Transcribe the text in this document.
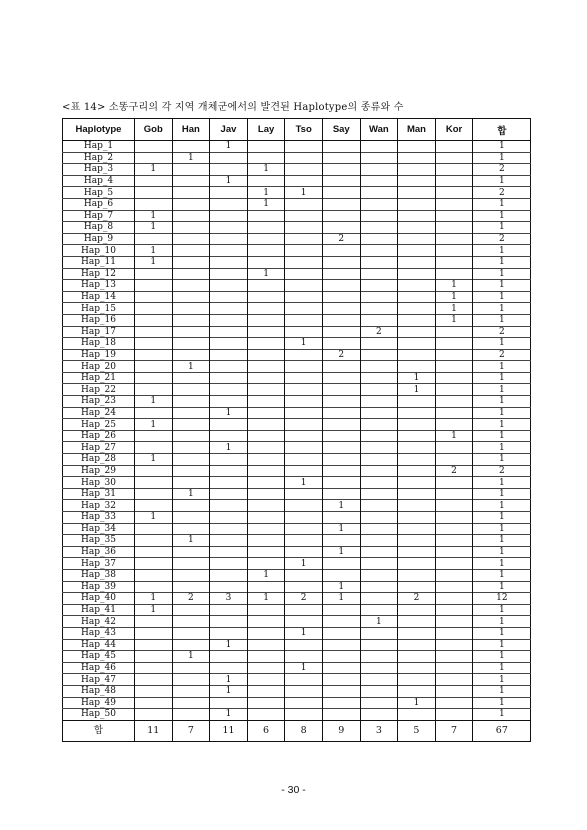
<표 14> 소똥구리의 각 지역 개체군에서의 발견된 Haplotype의 종류와 수
Haplotype	Gob	Han	Jav	Lay	Tso	Say	Wan	Man	Kor	합
Hap_1			1							1
Hap_2		1								1
Hap_3	1			1						2
Hap_4			1							1
Hap_5				1	1					2
Hap_6				1						1
Hap_7	1									1
Hap_8	1									1
Hap_9						2				2
Hap_10	1									1
Hap_11	1									1
Hap_12				1						1
Hap_13									1	1
Hap_14									1	1
Hap_15									1	1
Hap_16									1	1
Hap_17							2			2
Hap_18					1					1
Hap_19						2				2
Hap_20		1								1
Hap_21								1		1
Hap_22								1		1
Hap_23	1									1
Hap_24			1							1
Hap_25	1									1
Hap_26									1	1
Hap_27			1							1
Hap_28	1									1
Hap_29									2	2
Hap_30					1					1
Hap_31		1								1
Hap_32						1				1
Hap_33	1									1
Hap_34						1				1
Hap_35		1								1
Hap_36						1				1
Hap_37					1					1
Hap_38				1						1
Hap_39						1				1
Hap_40	1	2	3	1	2	1		2		12
Hap_41	1									1
Hap_42							1			1
Hap_43					1					1
Hap_44			1							1
Hap_45		1								1
Hap_46					1					1
Hap_47			1							1
Hap_48			1							1
Hap_49								1		1
Hap_50			1							1
합	11	7	11	6	8	9	3	5	7	67
- 30 -
